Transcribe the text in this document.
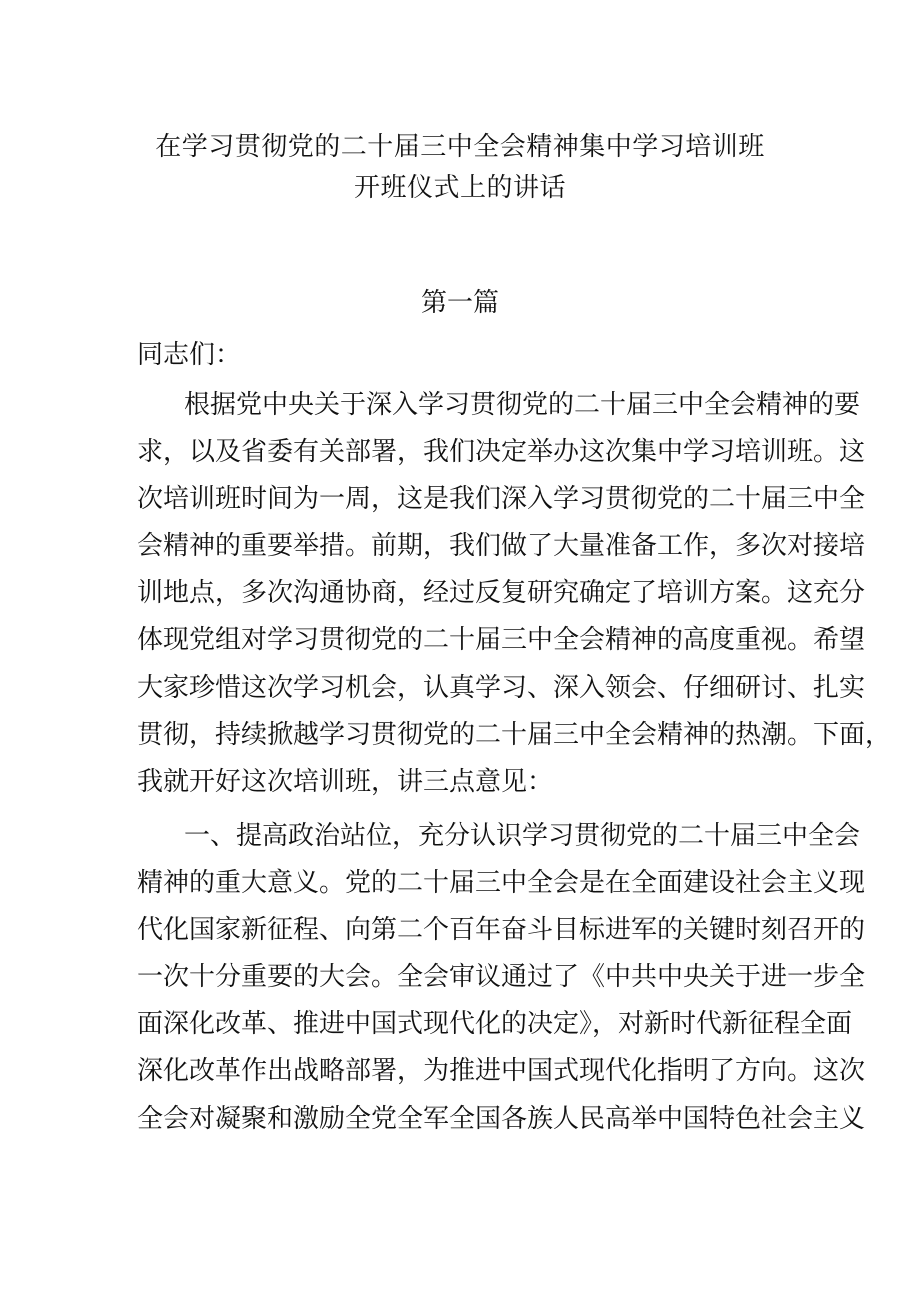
在学习贯彻党的二十届三中全会精神集中学习培训班
开班仪式上的讲话
第一篇
同志们：
根据党中央关于深入学习贯彻党的二十届三中全会精神的要
求，以及省委有关部署，我们决定举办这次集中学习培训班。这
次培训班时间为一周，这是我们深入学习贯彻党的二十届三中全
会精神的重要举措。前期，我们做了大量准备工作，多次对接培
训地点，多次沟通协商，经过反复研究确定了培训方案。这充分
体现党组对学习贯彻党的二十届三中全会精神的高度重视。希望
大家珍惜这次学习机会，认真学习、深入领会、仔细研讨、扎实
贯彻，持续掀越学习贯彻党的二十届三中全会精神的热潮。下面，
我就开好这次培训班，讲三点意见：
一、提高政治站位，充分认识学习贯彻党的二十届三中全会
精神的重大意义。党的二十届三中全会是在全面建设社会主义现
代化国家新征程、向第二个百年奋斗目标进军的关键时刻召开的
一次十分重要的大会。全会审议通过了《中共中央关于进一步全
面深化改革、推进中国式现代化的决定》，对新时代新征程全面
深化改革作出战略部署，为推进中国式现代化指明了方向。这次
全会对凝聚和激励全党全军全国各族人民高举中国特色社会主义
